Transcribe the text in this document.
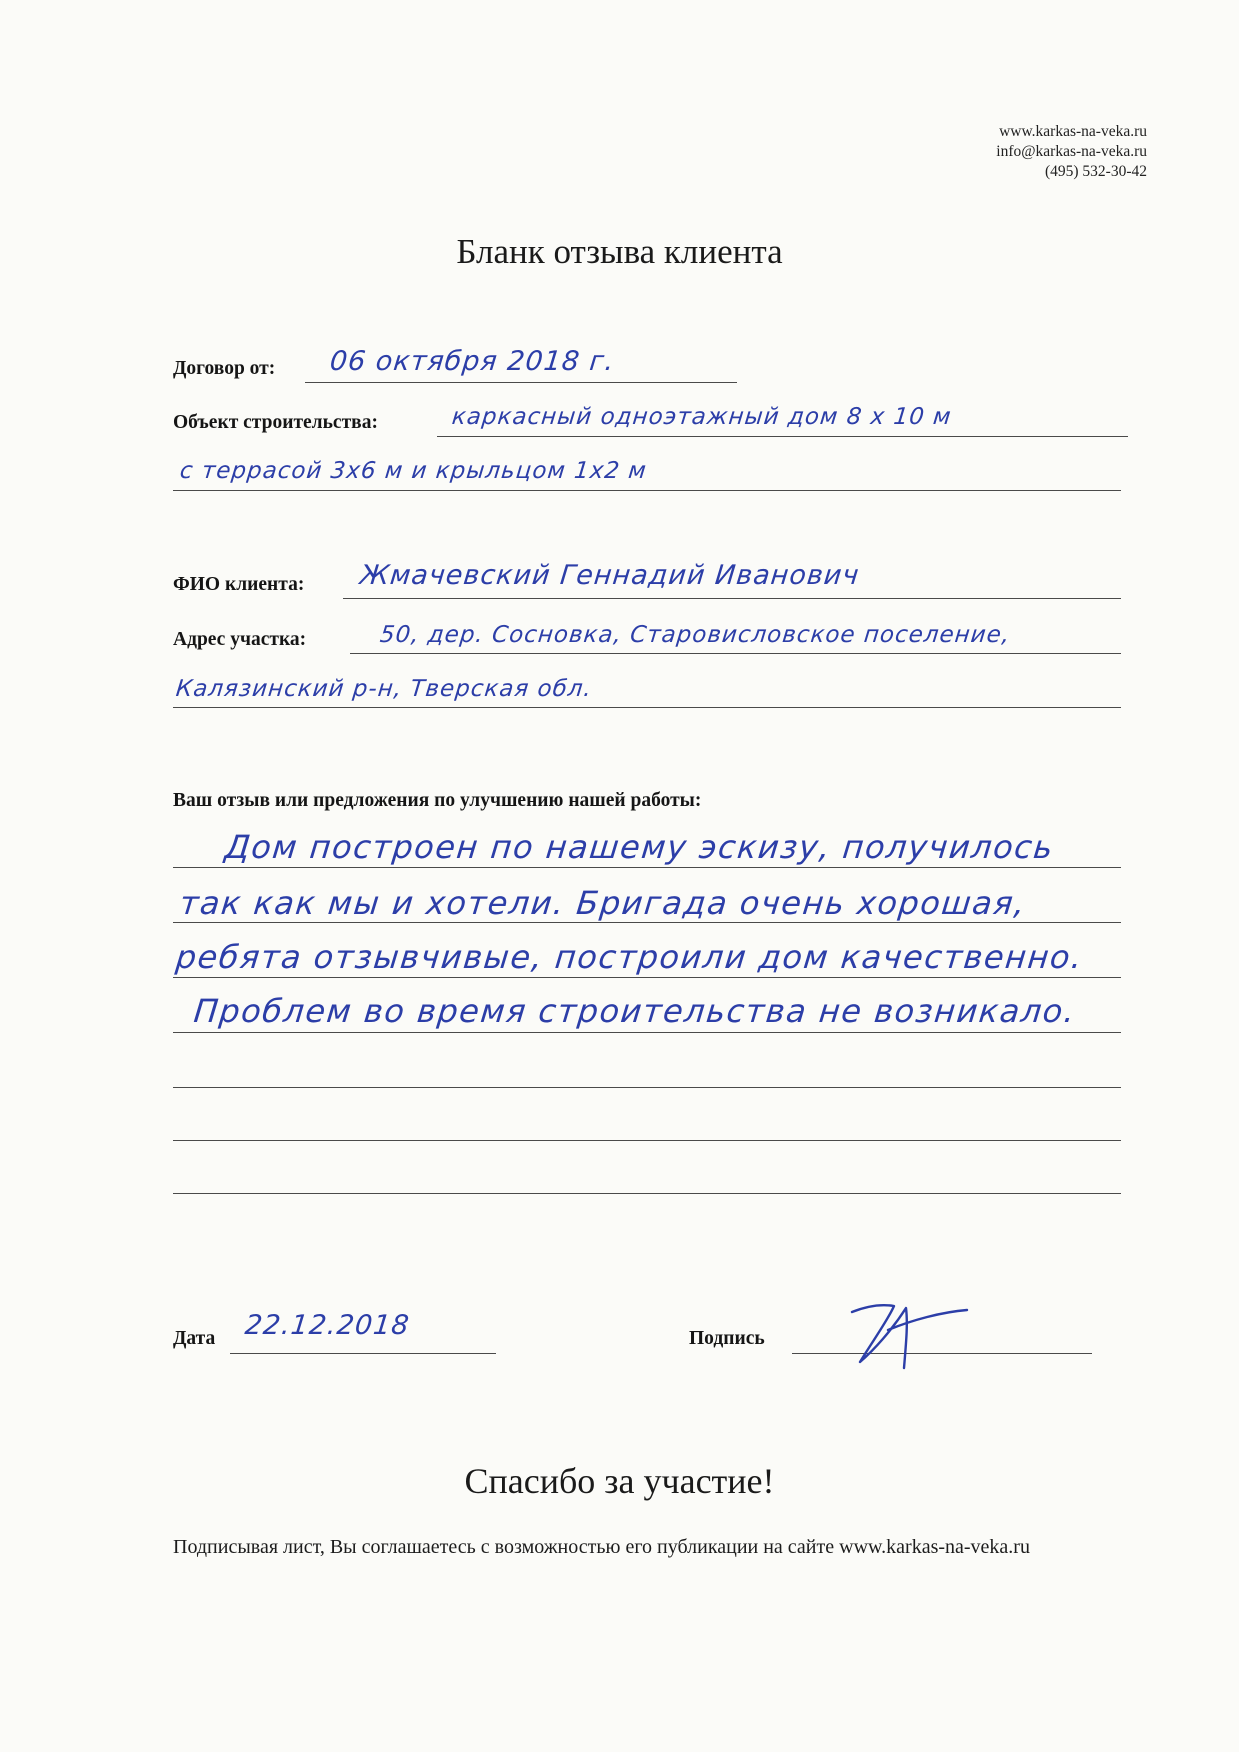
www.karkas-na-veka.ru
info@karkas-na-veka.ru
(495) 532-30-42
Бланк отзыва клиента
Договор от: 06 октября 2018 г.
Объект строительства:	каркасный одноэтажный дом 8 х 10 м
с террасой 3х6 м и крыльцом 1х2 м
ФИО клиента: Жмачевский Геннадий Иванович
Адрес участка:	50, дер. Сосновка, Старовисловское поселение,
Калязинский р-н, Тверская обл.
Ваш отзыв или предложения по улучшению нашей работы:
Дом построен по нашему эскизу, получилось
так как мы и хотели. Бригада очень хорошая,
ребята отзывчивые, построили дом качественно.
Проблем во время строительства не возникало.
Дата 22.12.2018	Подпись
Спасибо за участие!
Подписывая лист, Вы соглашаетесь с возможностью его публикации на сайте www.karkas-na-veka.ru
